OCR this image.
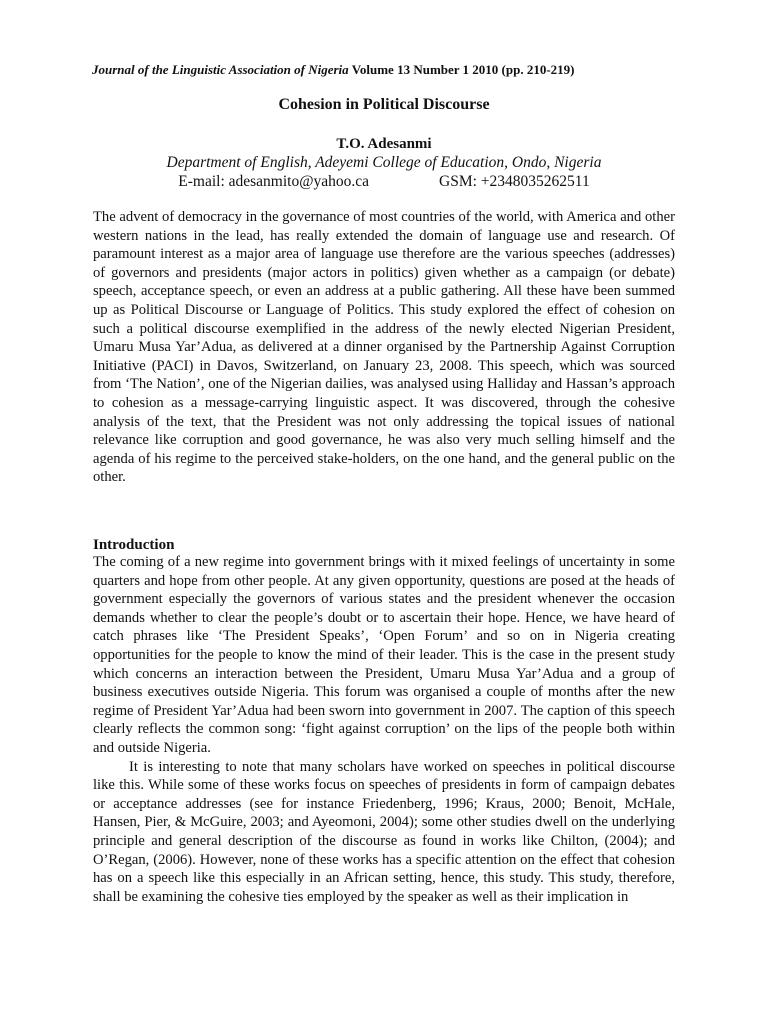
Journal of the Linguistic Association of Nigeria Volume 13 Number 1 2010 (pp. 210-219)
Cohesion in Political Discourse
T.O. Adesanmi
Department of English, Adeyemi College of Education, Ondo, Nigeria
E-mail: adesanmito@yahoo.ca	GSM: +2348035262511

The advent of democracy in the governance of most countries of the world, with America and other western nations in the lead, has really extended the domain of language use and research. Of paramount interest as a major area of language use therefore are the various speeches (addresses) of governors and presidents (major actors in politics) given whether as a campaign (or debate) speech, acceptance speech, or even an address at a public gathering. All these have been summed up as Political Discourse or Language of Politics. This study explored the effect of cohesion on such a political discourse exemplified in the address of the newly elected Nigerian President, Umaru Musa Yar’Adua, as delivered at a dinner organised by the Partnership Against Corruption Initiative (PACI) in Davos, Switzerland, on January 23, 2008. This speech, which was sourced from ‘The Nation’, one of the Nigerian dailies, was analysed using Halliday and Hassan’s approach to cohesion as a message-carrying linguistic aspect. It was discovered, through the cohesive analysis of the text, that the President was not only addressing the topical issues of national relevance like corruption and good governance, he was also very much selling himself and the agenda of his regime to the perceived stake-holders, on the one hand, and the general public on the other.

Introduction

The coming of a new regime into government brings with it mixed feelings of uncertainty in some quarters and hope from other people. At any given opportunity, questions are posed at the heads of government especially the governors of various states and the president whenever the occasion demands whether to clear the people’s doubt or to ascertain their hope. Hence, we have heard of catch phrases like ‘The President Speaks’, ‘Open Forum’ and so on in Nigeria creating opportunities for the people to know the mind of their leader. This is the case in the present study which concerns an interaction between the President, Umaru Musa Yar’Adua and a group of business executives outside Nigeria. This forum was organised a couple of months after the new regime of President Yar’Adua had been sworn into government in 2007. The caption of this speech clearly reflects the common song: ‘fight against corruption’ on the lips of the people both within and outside Nigeria.

It is interesting to note that many scholars have worked on speeches in political discourse like this. While some of these works focus on speeches of presidents in form of campaign debates or acceptance addresses (see for instance Friedenberg, 1996; Kraus, 2000; Benoit, McHale, Hansen, Pier, & McGuire, 2003; and Ayeomoni, 2004); some other studies dwell on the underlying principle and general description of the discourse as found in works like Chilton, (2004); and O’Regan, (2006). However, none of these works has a specific attention on the effect that cohesion has on a speech like this especially in an African setting, hence, this study. This study, therefore, shall be examining the cohesive ties employed by the speaker as well as their implication in
